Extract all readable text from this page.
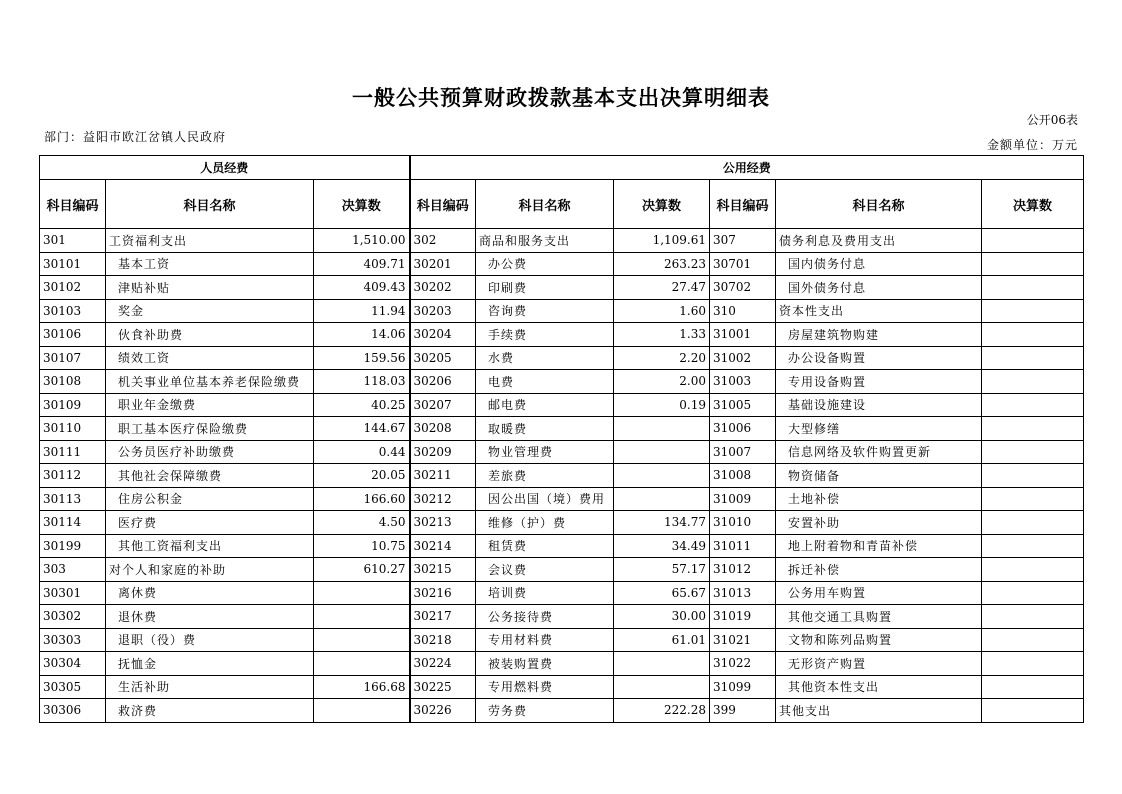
一般公共预算财政拨款基本支出决算明细表
公开06表
部门：益阳市欧江岔镇人民政府
金额单位：万元
人员经费			公用经费					
科目编码	科目名称	决算数	科目编码	科目名称	决算数	科目编码	科目名称	决算数
301	工资福利支出	1,510.00	302	商品和服务支出	1,109.61	307	债务利息及费用支出	
30101	基本工资	409.71	30201	办公费	263.23	30701	国内债务付息	
30102	津贴补贴	409.43	30202	印刷费	27.47	30702	国外债务付息	
30103	奖金	11.94	30203	咨询费	1.60	310	资本性支出	
30106	伙食补助费	14.06	30204	手续费	1.33	31001	房屋建筑物购建	
30107	绩效工资	159.56	30205	水费	2.20	31002	办公设备购置	
30108	机关事业单位基本养老保险缴费	118.03	30206	电费	2.00	31003	专用设备购置	
30109	职业年金缴费	40.25	30207	邮电费	0.19	31005	基础设施建设	
30110	职工基本医疗保险缴费	144.67	30208	取暖费		31006	大型修缮	
30111	公务员医疗补助缴费	0.44	30209	物业管理费		31007	信息网络及软件购置更新	
30112	其他社会保障缴费	20.05	30211	差旅费		31008	物资储备	
30113	住房公积金	166.60	30212	因公出国（境）费用		31009	土地补偿	
30114	医疗费	4.50	30213	维修（护）费	134.77	31010	安置补助	
30199	其他工资福利支出	10.75	30214	租赁费	34.49	31011	地上附着物和青苗补偿	
303	对个人和家庭的补助	610.27	30215	会议费	57.17	31012	拆迁补偿	
30301	离休费		30216	培训费	65.67	31013	公务用车购置	
30302	退休费		30217	公务接待费	30.00	31019	其他交通工具购置	
30303	退职（役）费		30218	专用材料费	61.01	31021	文物和陈列品购置	
30304	抚恤金		30224	被装购置费		31022	无形资产购置	
30305	生活补助	166.68	30225	专用燃料费		31099	其他资本性支出	
30306	救济费		30226	劳务费	222.28	399	其他支出	
